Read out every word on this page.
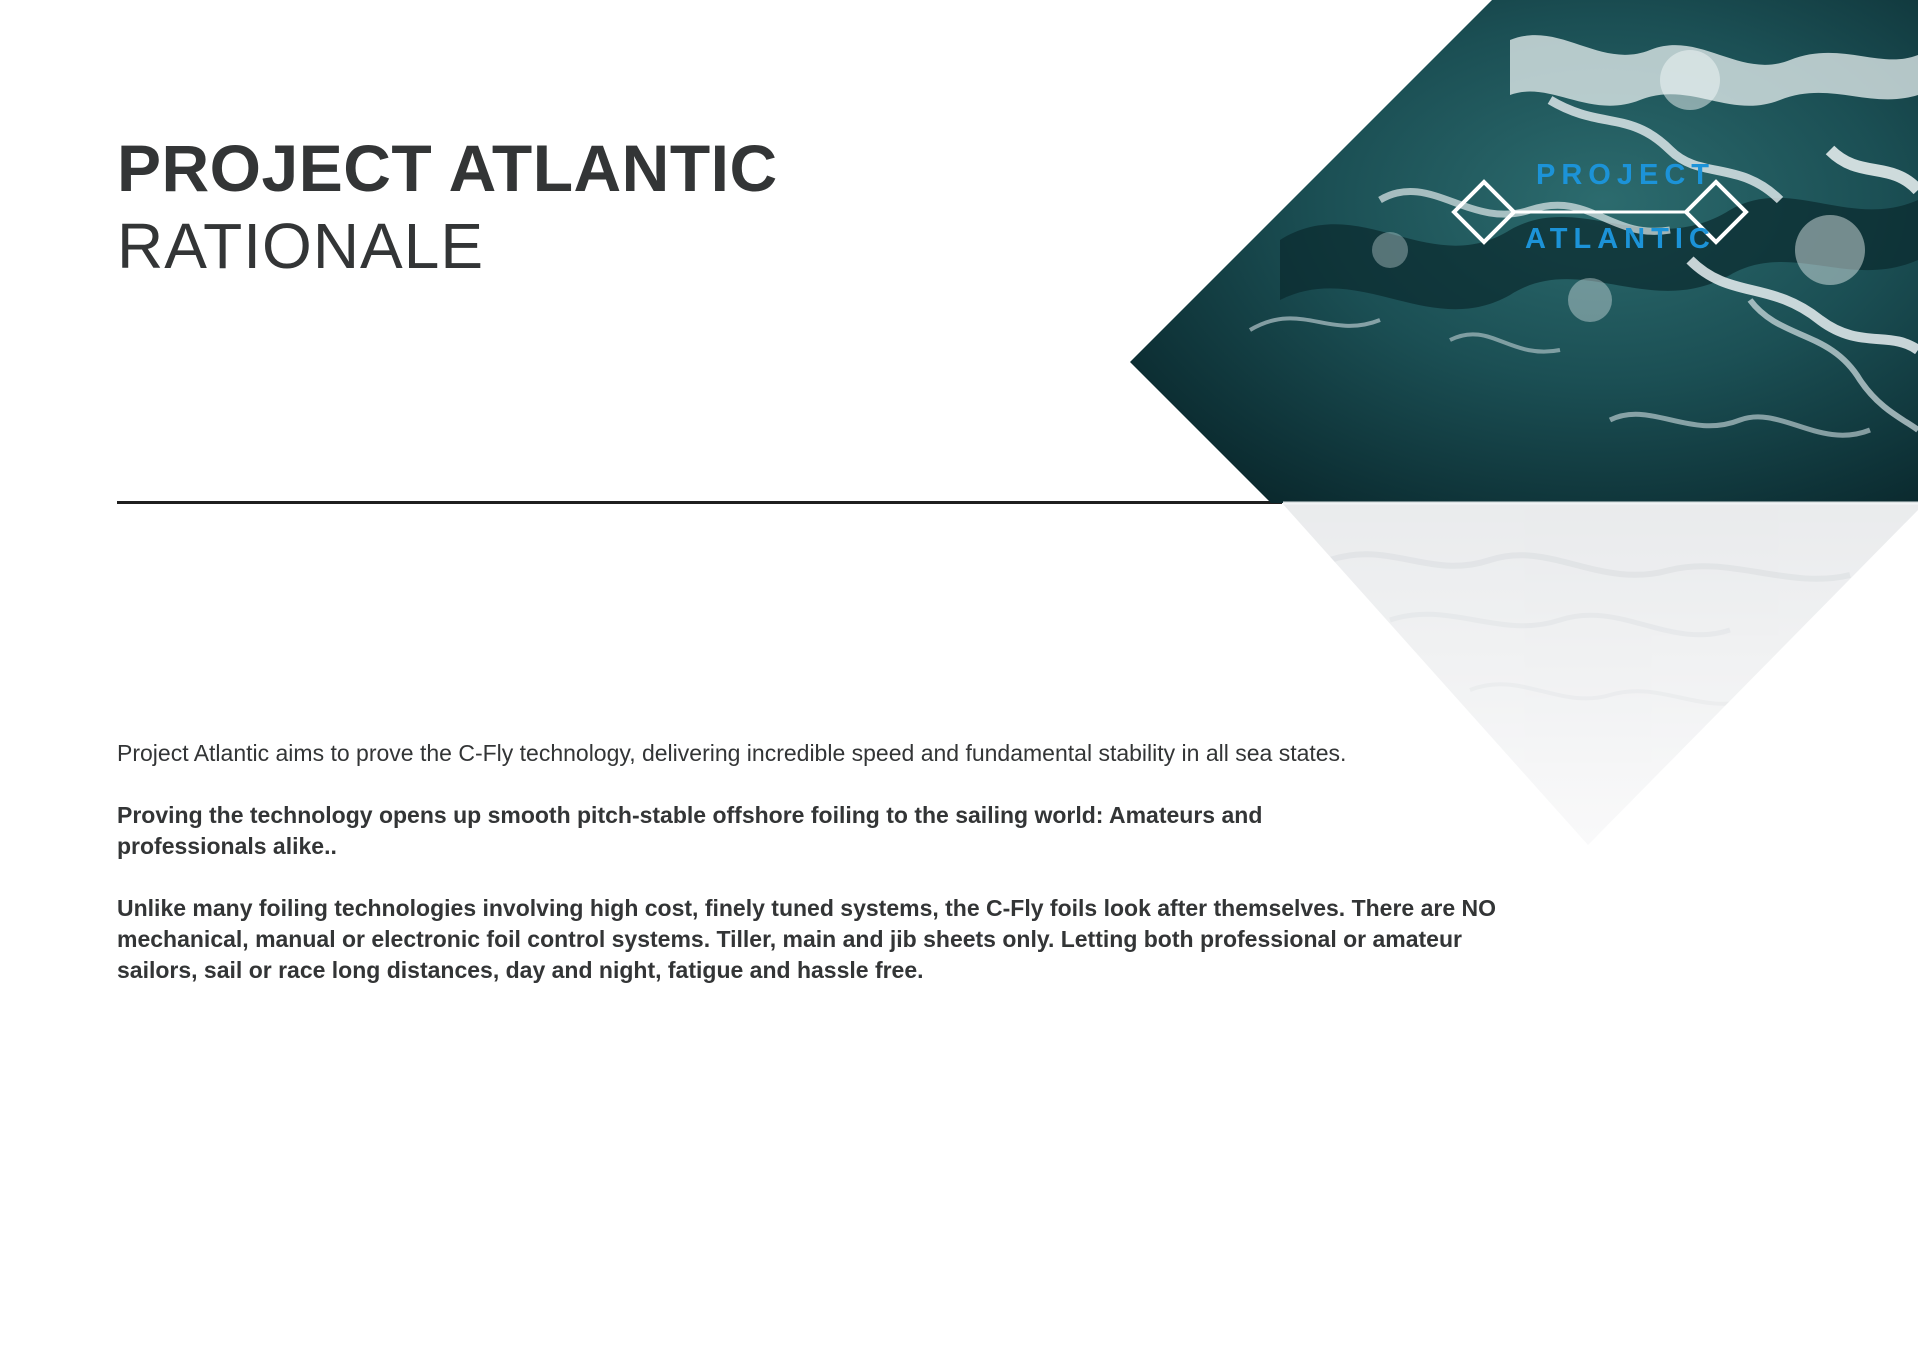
PROJECT ATLANTIC
RATIONALE
PROJECT
ATLANTIC

Project Atlantic aims to prove the C-Fly technology, delivering incredible speed and fundamental stability in all sea states.

Proving the technology opens up smooth pitch-stable offshore foiling to the sailing world: Amateurs and professionals alike..

Unlike many foiling technologies involving high cost, finely tuned systems, the C-Fly foils look after themselves. There are NO mechanical, manual or electronic foil control systems. Tiller, main and jib sheets only. Letting both professional or amateur sailors, sail or race long distances, day and night, fatigue and hassle free.
